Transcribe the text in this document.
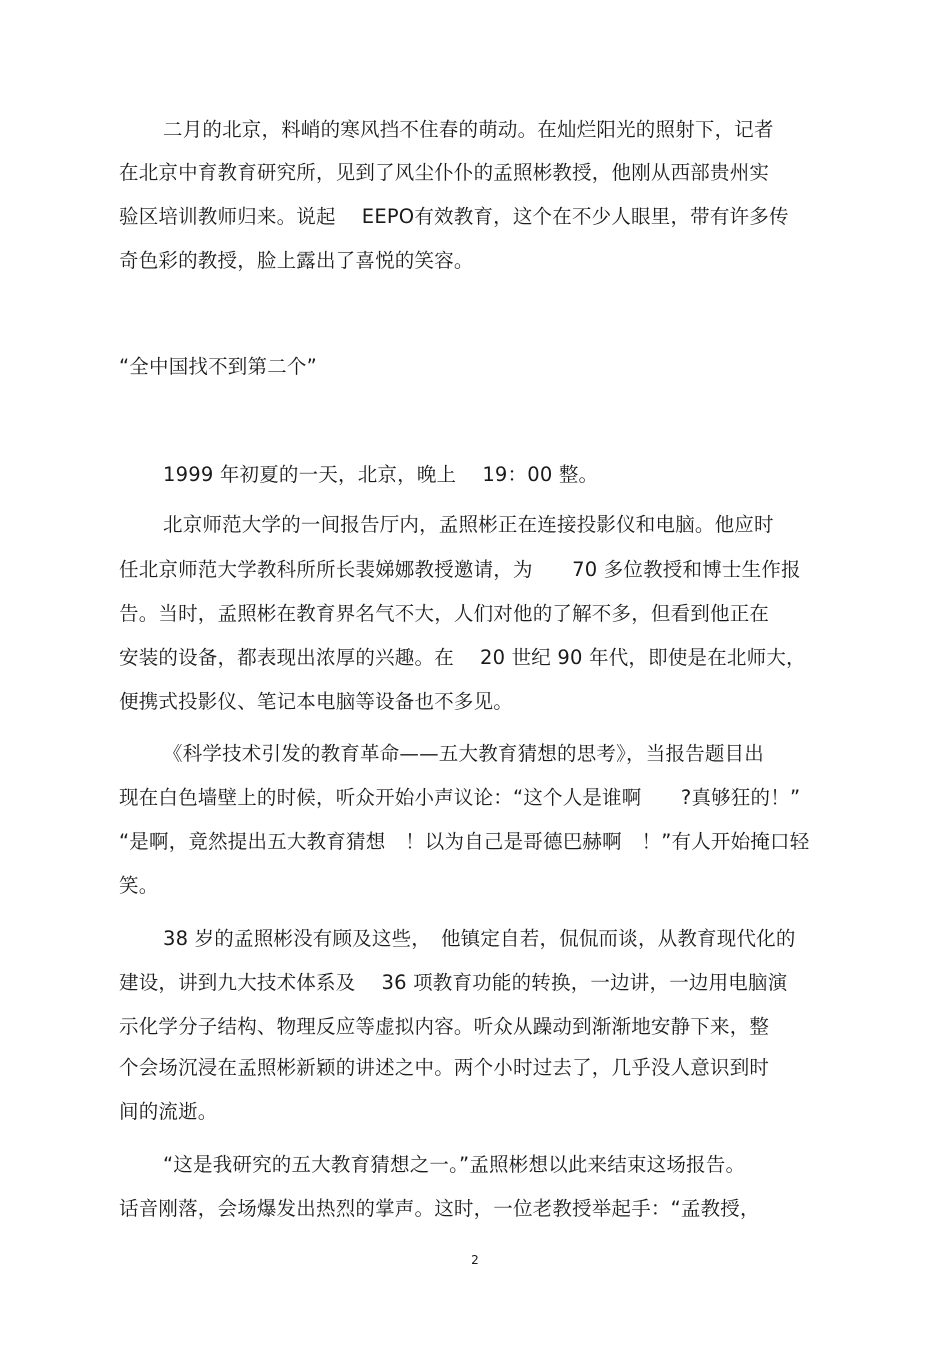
二月的北京，料峭的寒风挡不住春的萌动。在灿烂阳光的照射下，记者
在北京中育教育研究所，见到了风尘仆仆的孟照彬教授，他刚从西部贵州实
验区培训教师归来。说起　 EEPO有效教育，这个在不少人眼里，带有许多传
奇色彩的教授，脸上露出了喜悦的笑容。
“全中国找不到第二个”
1999 年初夏的一天，北京，晚上　 19：00 整。
北京师范大学的一间报告厅内，孟照彬正在连接投影仪和电脑。他应时
任北京师范大学教科所所长裴娣娜教授邀请，为　　70 多位教授和博士生作报
告。当时，孟照彬在教育界名气不大，人们对他的了解不多，但看到他正在
安装的设备，都表现出浓厚的兴趣。在　 20 世纪 90 年代，即使是在北师大，
便携式投影仪、笔记本电脑等设备也不多见。
《科学技术引发的教育革命——五大教育猜想的思考》，当报告题目出
现在白色墙壁上的时候，听众开始小声议论：“这个人是谁啊　　?真够狂的！”
“是啊，竟然提出五大教育猜想　！以为自己是哥德巴赫啊　！”有人开始掩口轻
笑。
38 岁的孟照彬没有顾及这些，　他镇定自若，侃侃而谈，从教育现代化的
建设，讲到九大技术体系及　 36 项教育功能的转换，一边讲，一边用电脑演
示化学分子结构、物理反应等虚拟内容。听众从躁动到渐渐地安静下来，整
个会场沉浸在孟照彬新颖的讲述之中。两个小时过去了，几乎没人意识到时
间的流逝。
“这是我研究的五大教育猜想之一。”孟照彬想以此来结束这场报告。
话音刚落，会场爆发出热烈的掌声。这时，一位老教授举起手：“孟教授，
2
